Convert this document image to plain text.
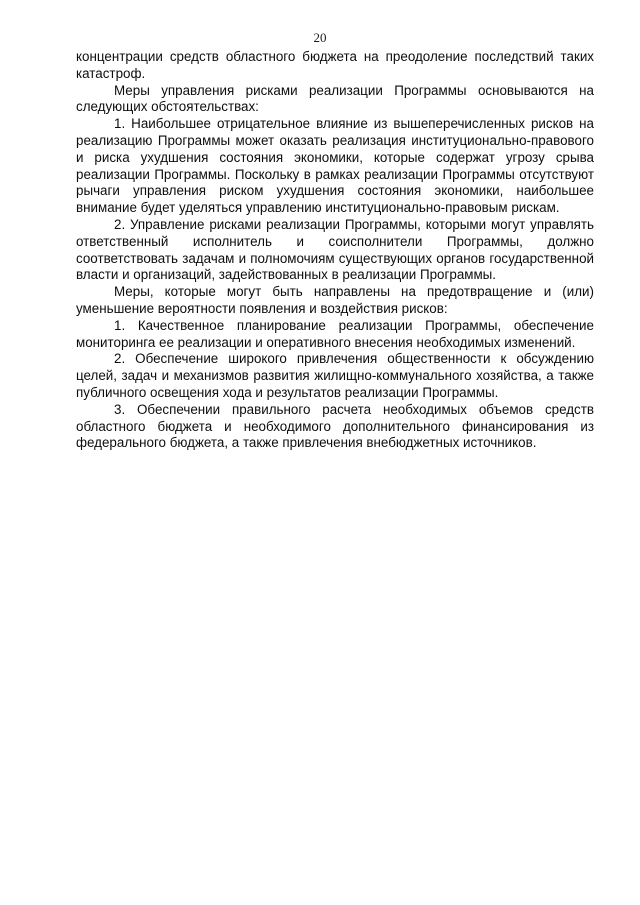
20

концентрации средств областного бюджета на преодоление последствий таких катастроф.

Меры управления рисками реализации Программы основываются на следующих обстоятельствах:

1. Наибольшее отрицательное влияние из вышеперечисленных рисков на реализацию Программы может оказать реализация институционально-правового и риска ухудшения состояния экономики, которые содержат угрозу срыва реализации Программы. Поскольку в рамках реализации Программы отсутствуют рычаги управления риском ухудшения состояния экономики, наибольшее внимание будет уделяться управлению институционально-правовым рискам.

2. Управление рисками реализации Программы, которыми могут управлять ответственный исполнитель и соисполнители Программы, должно соответствовать задачам и полномочиям существующих органов государственной власти и организаций, задействованных в реализации Программы.

Меры, которые могут быть направлены на предотвращение и (или) уменьшение вероятности появления и воздействия рисков:

1. Качественное планирование реализации Программы, обеспечение мониторинга ее реализации и оперативного внесения необходимых изменений.

2. Обеспечение широкого привлечения общественности к обсуждению целей, задач и механизмов развития жилищно-коммунального хозяйства, а также публичного освещения хода и результатов реализации Программы.

3. Обеспечении правильного расчета необходимых объемов средств областного бюджета и необходимого дополнительного финансирования из федерального бюджета, а также привлечения внебюджетных источников.
